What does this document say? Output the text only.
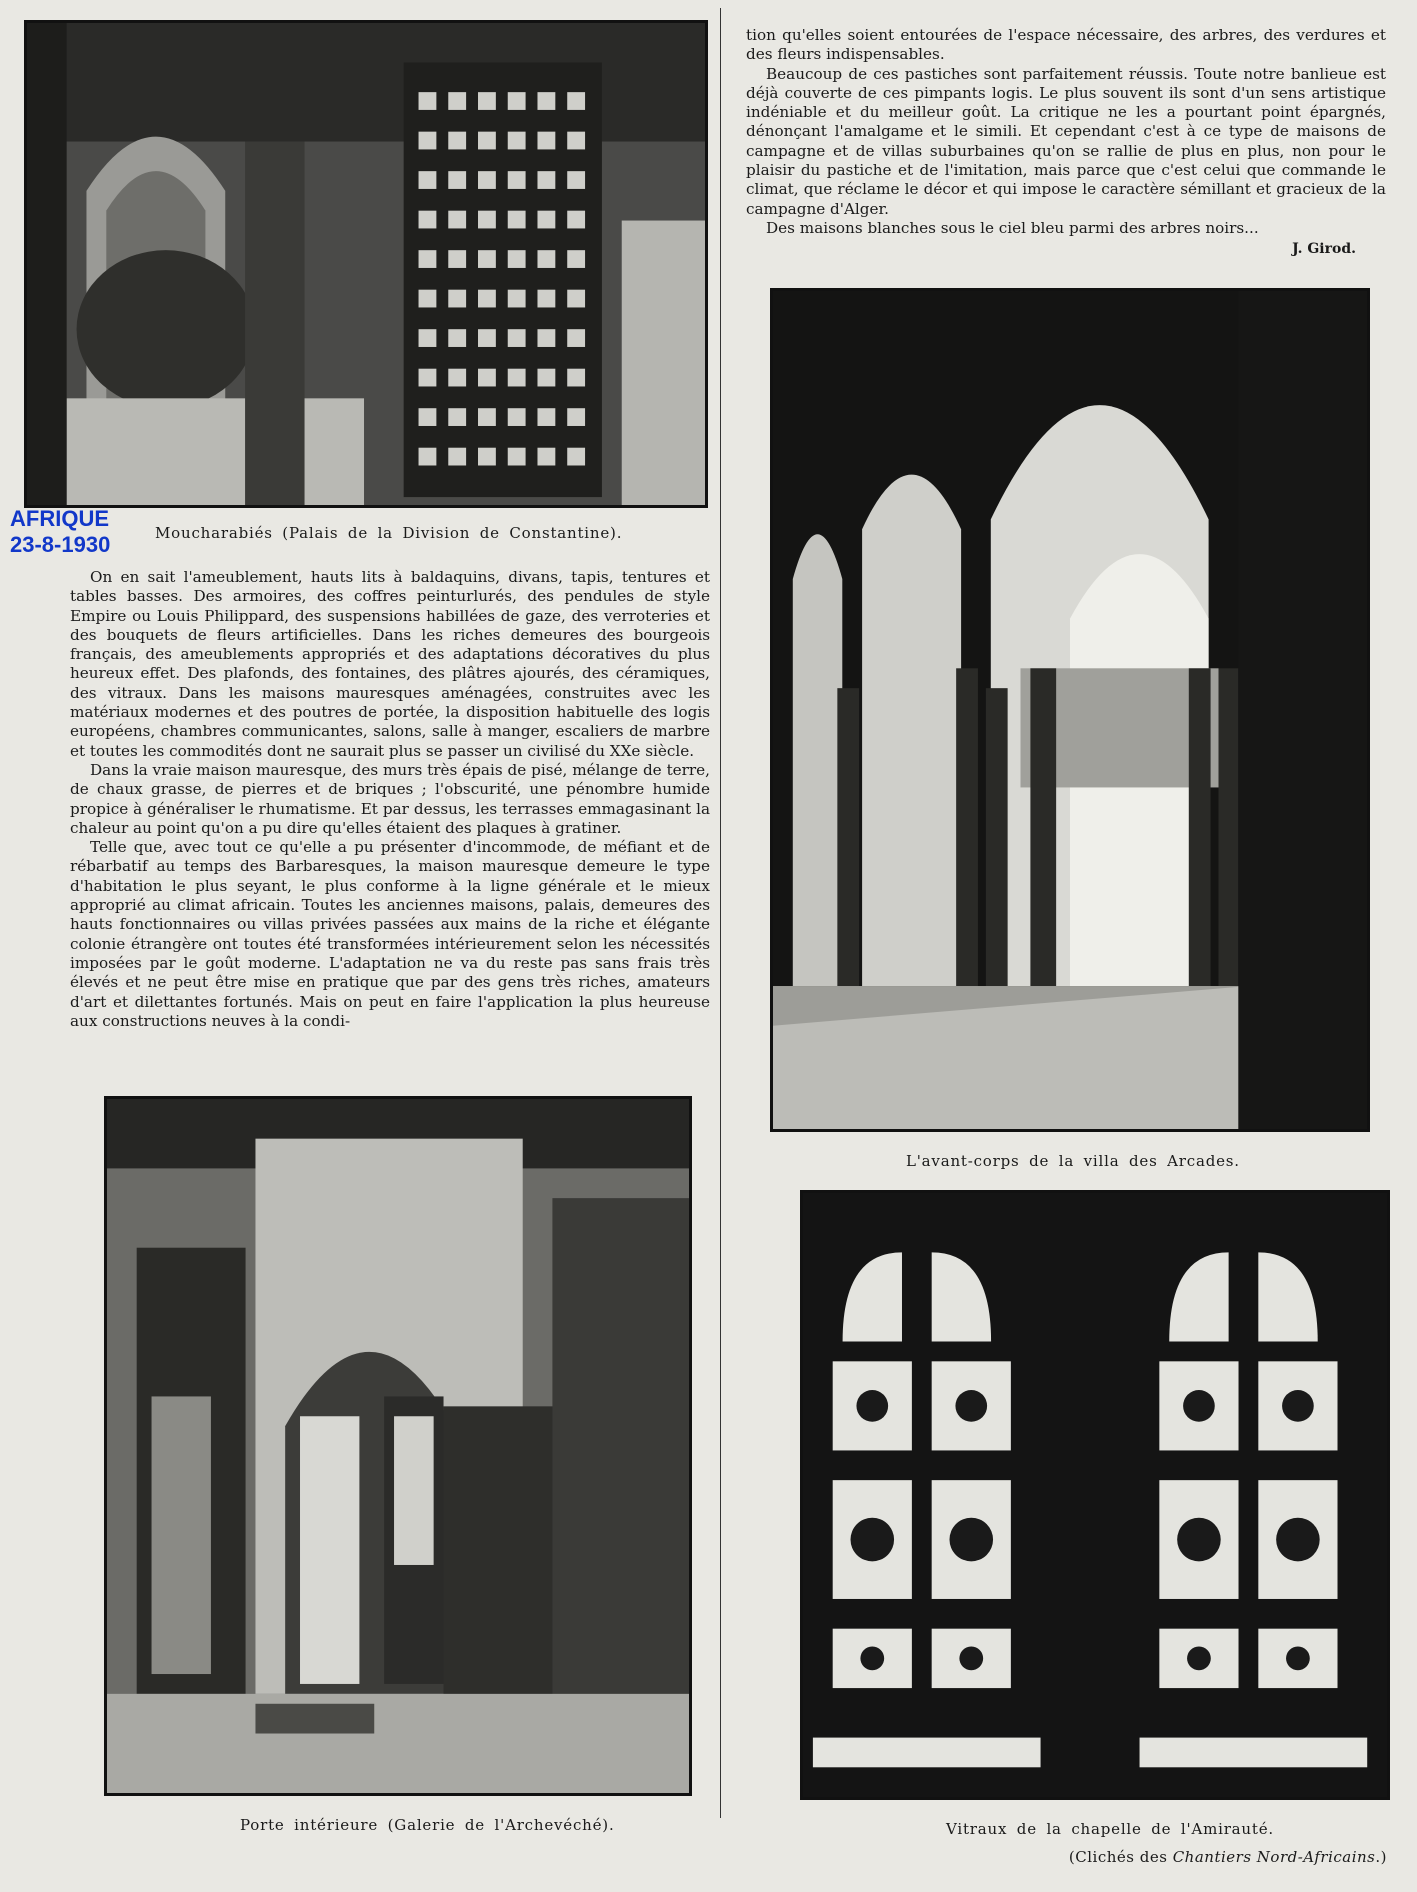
Moucharabiés (Palais de la Division de Constantine).
AFRIQUE
23-8-1930

On en sait l'ameublement, hauts lits à baldaquins, divans, tapis, tentures et tables basses. Des armoires, des coffres peinturlurés, des pendules de style Empire ou Louis Philippard, des suspensions habillées de gaze, des verroteries et des bouquets de fleurs artificielles. Dans les riches demeures des bourgeois français, des ameublements appropriés et des adaptations décoratives du plus heureux effet. Des plafonds, des fontaines, des plâtres ajourés, des céramiques, des vitraux. Dans les maisons mauresques aménagées, construites avec les matériaux modernes et des poutres de portée, la disposition habituelle des logis européens, chambres communicantes, salons, salle à manger, escaliers de marbre et toutes les commodités dont ne saurait plus se passer un civilisé du XXe siècle.

Dans la vraie maison mauresque, des murs très épais de pisé, mélange de terre, de chaux grasse, de pierres et de briques ; l'obscurité, une pénombre humide propice à généraliser le rhumatisme. Et par dessus, les terrasses emmagasinant la chaleur au point qu'on a pu dire qu'elles étaient des plaques à gratiner.

Telle que, avec tout ce qu'elle a pu présenter d'incommode, de méfiant et de rébarbatif au temps des Barbaresques, la maison mauresque demeure le type d'habitation le plus seyant, le plus conforme à la ligne générale et le mieux approprié au climat africain. Toutes les anciennes maisons, palais, demeures des hauts fonctionnaires ou villas privées passées aux mains de la riche et élégante colonie étrangère ont toutes été transformées intérieurement selon les nécessités imposées par le goût moderne. L'adaptation ne va du reste pas sans frais très élevés et ne peut être mise en pratique que par des gens très riches, amateurs d'art et dilettantes fortunés. Mais on peut en faire l'application la plus heureuse aux constructions neuves à la condi-

Porte intérieure (Galerie de l'Archevéché).

tion qu'elles soient entourées de l'espace nécessaire, des arbres, des verdures et des fleurs indispensables.

Beaucoup de ces pastiches sont parfaitement réussis. Toute notre banlieue est déjà couverte de ces pimpants logis. Le plus souvent ils sont d'un sens artistique indéniable et du meilleur goût. La critique ne les a pourtant point épargnés, dénonçant l'amalgame et le simili. Et cependant c'est à ce type de maisons de campagne et de villas suburbaines qu'on se rallie de plus en plus, non pour le plaisir du pastiche et de l'imitation, mais parce que c'est celui que commande le climat, que réclame le décor et qui impose le caractère sémillant et gracieux de la campagne d'Alger.

Des maisons blanches sous le ciel bleu parmi des arbres noirs...

J. Girod.
L'avant-corps de la villa des Arcades.
Vitraux de la chapelle de l'Amirauté.
(Clichés des Chantiers Nord-Africains.)
